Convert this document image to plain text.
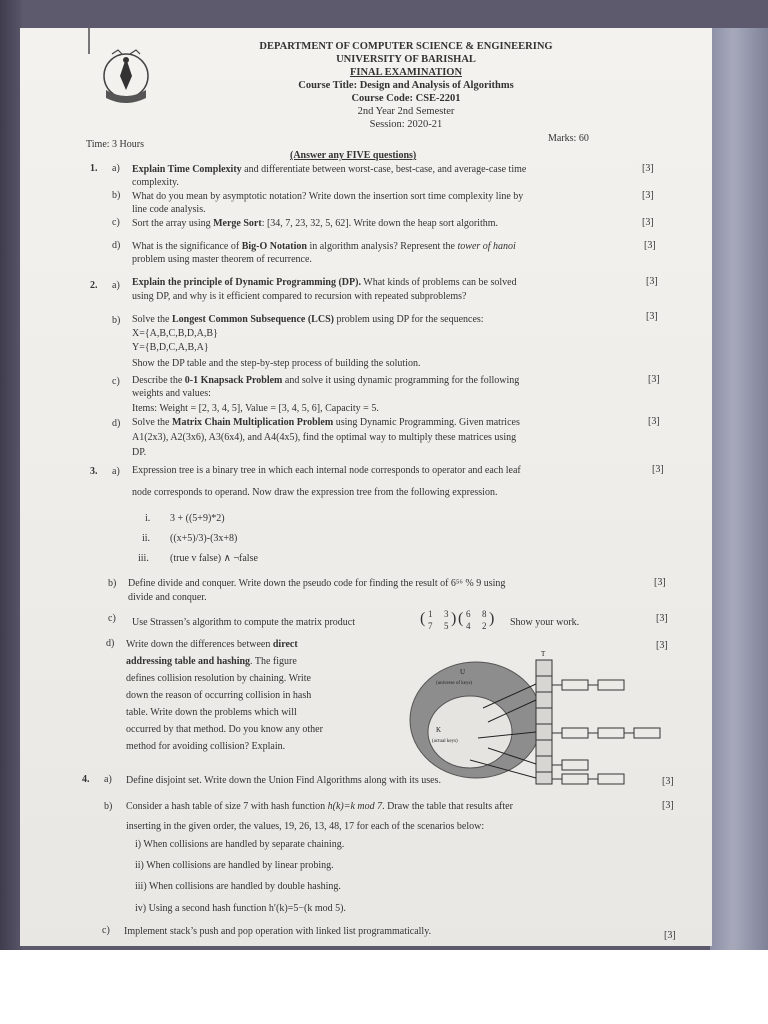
DEPARTMENT OF COMPUTER SCIENCE & ENGINEERING
UNIVERSITY OF BARISHAL
FINAL EXAMINATION
Course Title: Design and Analysis of Algorithms
Course Code: CSE-2201
2nd Year 2nd Semester
Session: 2020-21
Time: 3 Hours
Marks: 60
(Answer any FIVE questions)
1. a) Explain Time Complexity and differentiate between worst-case, best-case, and average-case time
complexity.
[3]
b) What do you mean by asymptotic notation? Write down the insertion sort time complexity line by
line code analysis.
[3]
c) Sort the array using Merge Sort: [34, 7, 23, 32, 5, 62]. Write down the heap sort algorithm.	[3]
d) What is the significance of Big-O Notation in algorithm analysis? Represent the tower of hanoi
problem using master theorem of recurrence.
[3]
2. a) Explain the principle of Dynamic Programming (DP). What kinds of problems can be solved
using DP, and why is it efficient compared to recursion with repeated subproblems?
[3]
b) Solve the Longest Common Subsequence (LCS) problem using DP for the sequences:
X={A,B,C,B,D,A,B}
Y={B,D,C,A,B,A}
Show the DP table and the step-by-step process of building the solution.
[3]
c) Describe the 0-1 Knapsack Problem and solve it using dynamic programming for the following
weights and values:
Items: Weight = [2, 3, 4, 5], Value = [3, 4, 5, 6], Capacity = 5.
[3]
d) Solve the Matrix Chain Multiplication Problem using Dynamic Programming. Given matrices
A1(2x3), A2(3x6), A3(6x4), and A4(4x5), find the optimal way to multiply these matrices using
DP.
[3]
3. a) Expression tree is a binary tree in which each internal node corresponds to operator and each leaf
node corresponds to operand. Now draw the expression tree from the following expression.
[3]
i. 3 + ((5+9)*2)
ii. ((x+5)/3)-(3x+8)
iii. (true v false) ∧ ¬false
b) Define divide and conquer. Write down the pseudo code for finding the result of 6⁵⁶ % 9 using
divide and conquer.
[3]
c) Use Strassen’s algorithm to compute the matrix product	( 1 3
7 5 ) ( 6 8
4 2 ) Show your work.	[3]
d) Write down the differences between direct
addressing table and hashing. The figure
defines collision resolution by chaining. Write
down the reason of occurring collision in hash
table. Write down the problems which will
occurred by that method. Do you know any other
method for avoiding collision? Explain.
[3]
U
(universe of keys)
K
(actual keys)
T
4. a) Define disjoint set. Write down the Union Find Algorithms along with its uses.	[3]
b) Consider a hash table of size 7 with hash function h(k)=k mod 7. Draw the table that results after
inserting in the given order, the values, 19, 26, 13, 48, 17 for each of the scenarios below:
[3]
i) When collisions are handled by separate chaining.
ii) When collisions are handled by linear probing.
iii) When collisions are handled by double hashing.
iv) Using a second hash function h′(k)=5−(k mod 5).
c) Implement stack’s push and pop operation with linked list programmatically.	[3]
